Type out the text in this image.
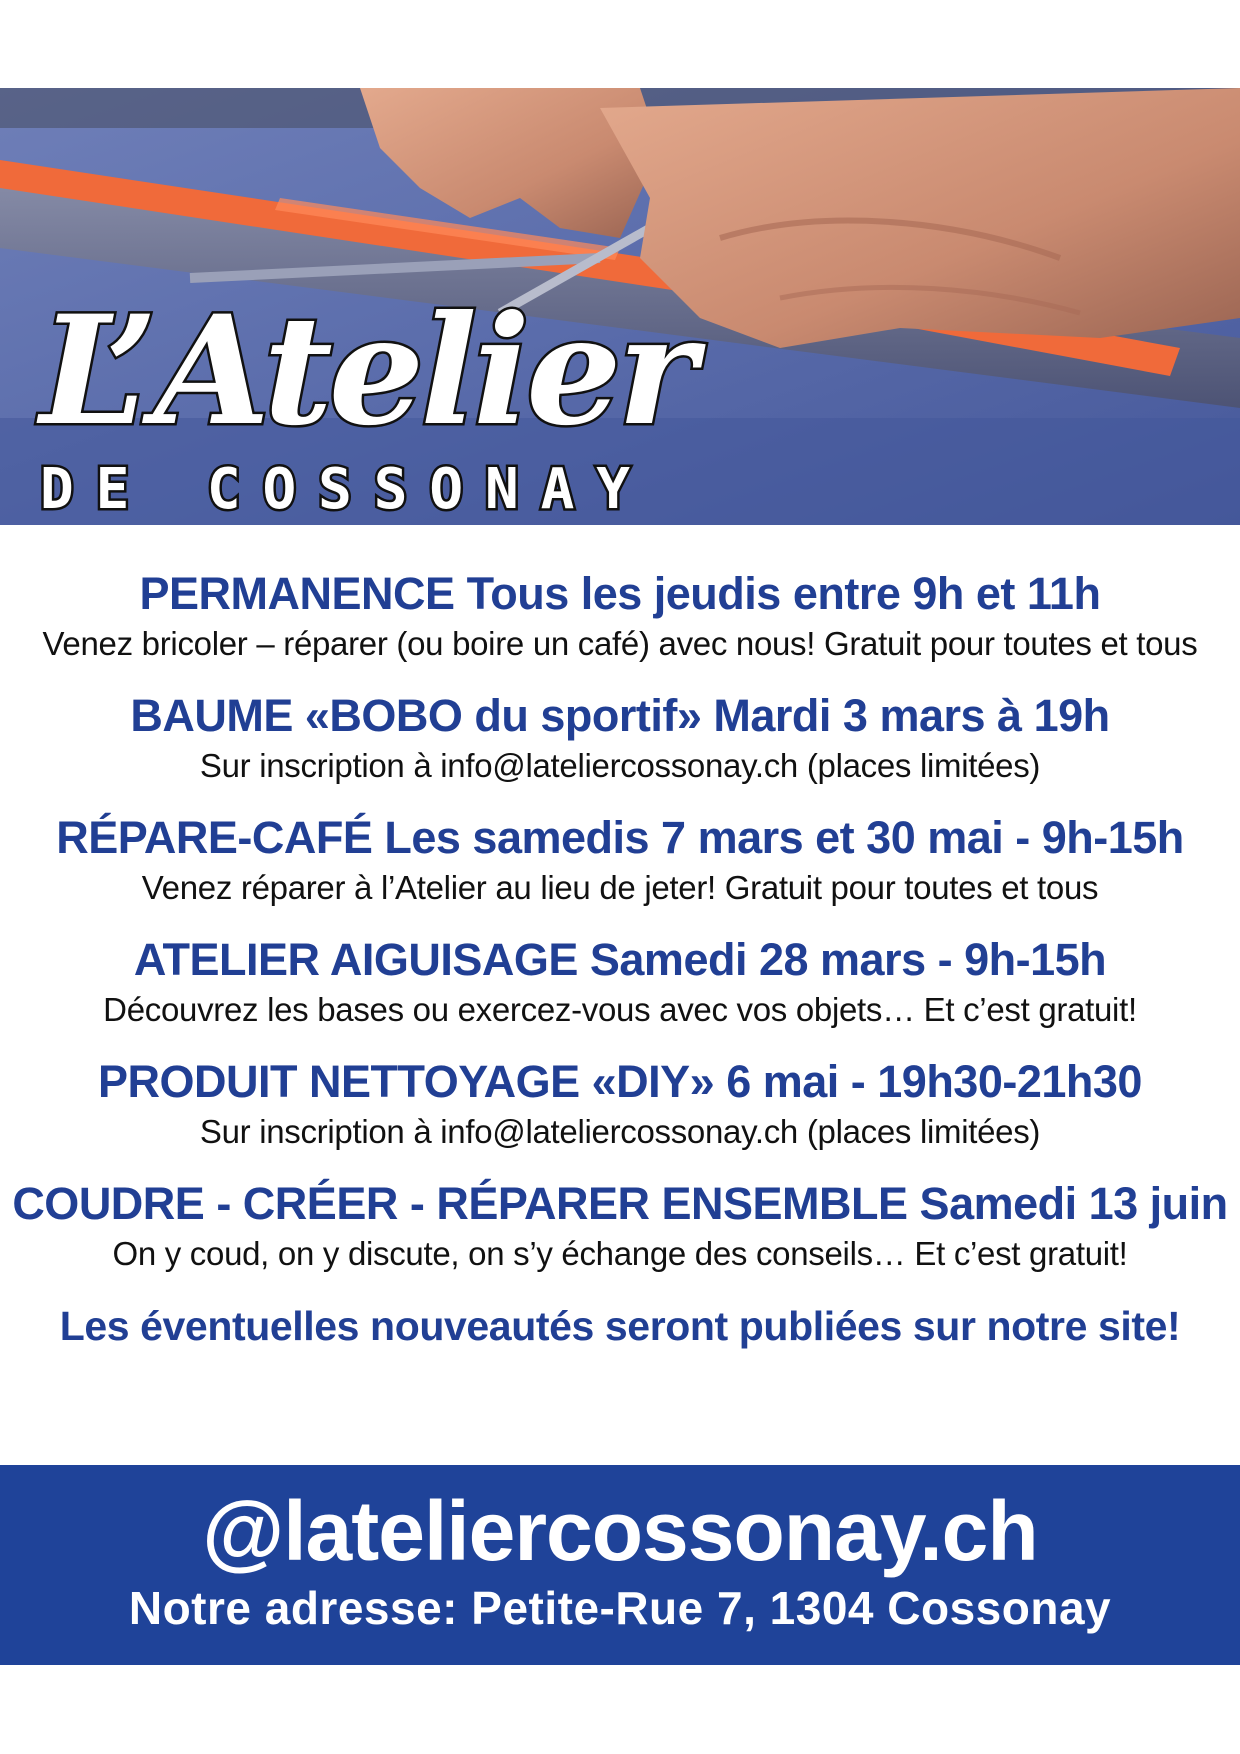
L’Atelier
DE COSSONAY
PERMANENCE Tous les jeudis entre 9h et 11h
Venez bricoler – réparer (ou boire un café) avec nous! Gratuit pour toutes et tous
BAUME «BOBO du sportif» Mardi 3 mars à 19h
Sur inscription à info@lateliercossonay.ch (places limitées)
RÉPARE-CAFÉ Les samedis 7 mars et 30 mai - 9h-15h
Venez réparer à l’Atelier au lieu de jeter! Gratuit pour toutes et tous
ATELIER AIGUISAGE Samedi 28 mars - 9h-15h
Découvrez les bases ou exercez-vous avec vos objets… Et c’est gratuit!
PRODUIT NETTOYAGE «DIY» 6 mai - 19h30-21h30
Sur inscription à info@lateliercossonay.ch (places limitées)
COUDRE - CRÉER - RÉPARER ENSEMBLE Samedi 13 juin
On y coud, on y discute, on s’y échange des conseils… Et c’est gratuit!
Les éventuelles nouveautés seront publiées sur notre site!
@lateliercossonay.ch
Notre adresse: Petite-Rue 7, 1304 Cossonay
